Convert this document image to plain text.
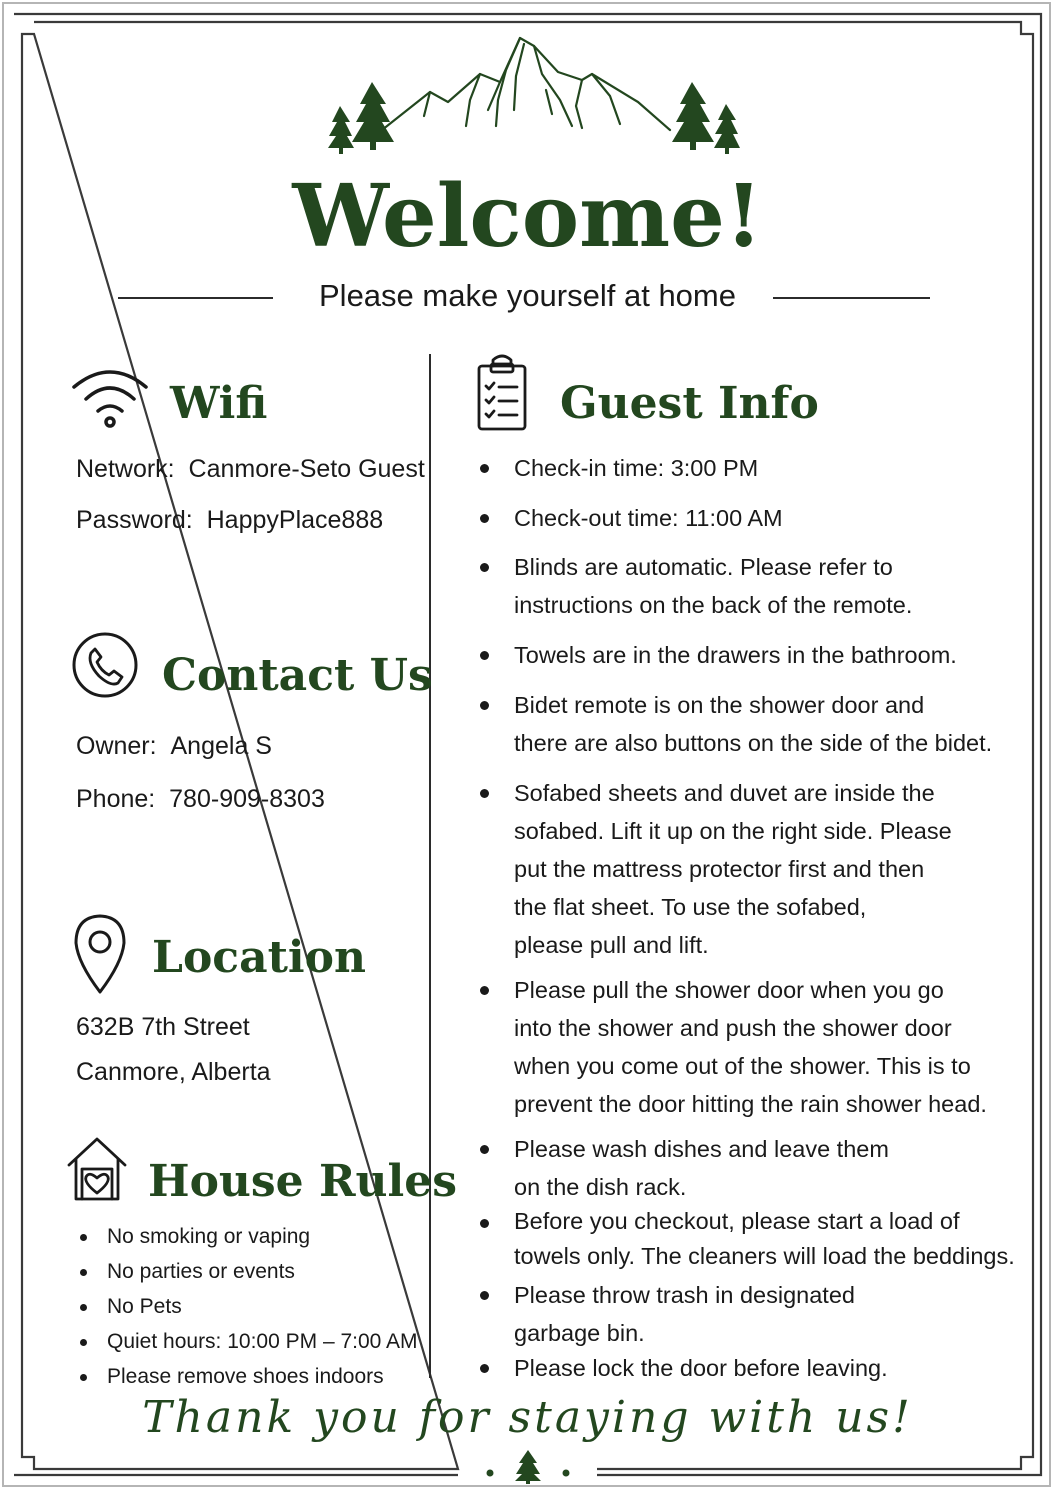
Welcome!
Please make yourself at home
Wifi
Network: Canmore-Seto Guest
Password: HappyPlace888
Contact Us
Owner: Angela S
Phone: 780-909-8303
Location
632B 7th Street
Canmore, Alberta
House Rules
No smoking or vaping
No parties or events
No Pets
Quiet hours: 10:00 PM – 7:00 AM
Please remove shoes indoors
Guest Info
Check-in time: 3:00 PM
Check-out time: 11:00 AM
Blinds are automatic. Please refer to
instructions on the back of the remote.
Towels are in the drawers in the bathroom.
Bidet remote is on the shower door and
there are also buttons on the side of the bidet.
Sofabed sheets and duvet are inside the
sofabed. Lift it up on the right side. Please
put the mattress protector first and then
the flat sheet. To use the sofabed,
please pull and lift.
Please pull the shower door when you go
into the shower and push the shower door
when you come out of the shower. This is to
prevent the door hitting the rain shower head.
Please wash dishes and leave them
on the dish rack.
Before you checkout, please start a load of
towels only. The cleaners will load the beddings.
Please throw trash in designated
garbage bin.
Please lock the door before leaving.
Thank you for staying with us!
